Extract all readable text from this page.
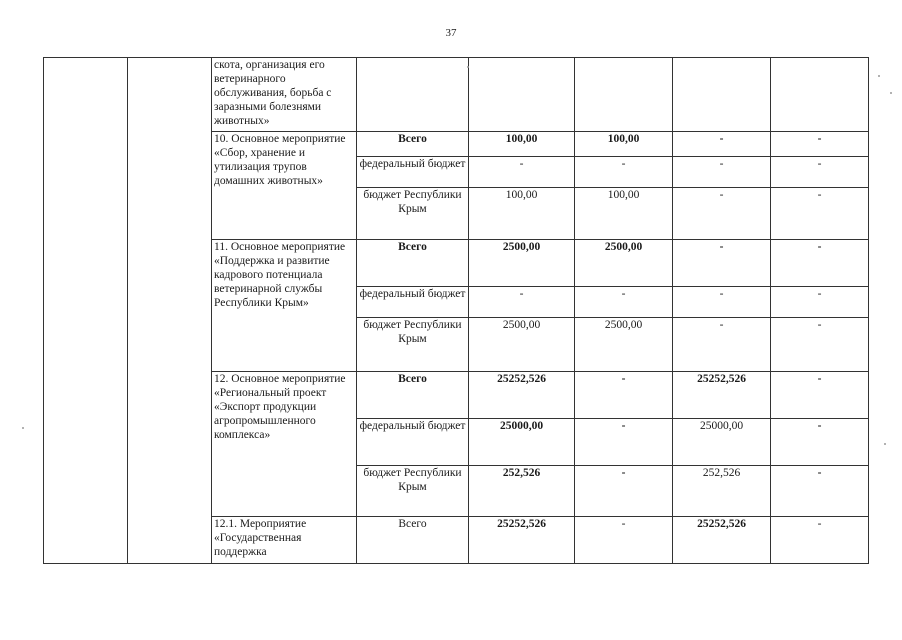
37
		скота, организация его ветеринарного обслуживания, борьба с заразными болезнями животных»					
		10. Основное мероприятие «Сбор, хранение и утилизация трупов домашних животных»	Всего	100,00	100,00	-	-
			федеральный бюджет	-	-	-	-
			бюджет Республики Крым	100,00	100,00	-	-
		11. Основное мероприятие «Поддержка и развитие кадрового потенциала ветеринарной службы Республики Крым»	Всего	2500,00	2500,00	-	-
			федеральный бюджет	-	-	-	-
			бюджет Республики Крым	2500,00	2500,00	-	-
		12. Основное мероприятие «Региональный проект «Экспорт продукции агропромышленного комплекса»	Всего	25252,526	-	25252,526	-
			федеральный бюджет	25000,00	-	25000,00	-
			бюджет Республики Крым	252,526	-	252,526	-
		12.1. Мероприятие «Государственная поддержка	Всего	25252,526	-	25252,526	-
